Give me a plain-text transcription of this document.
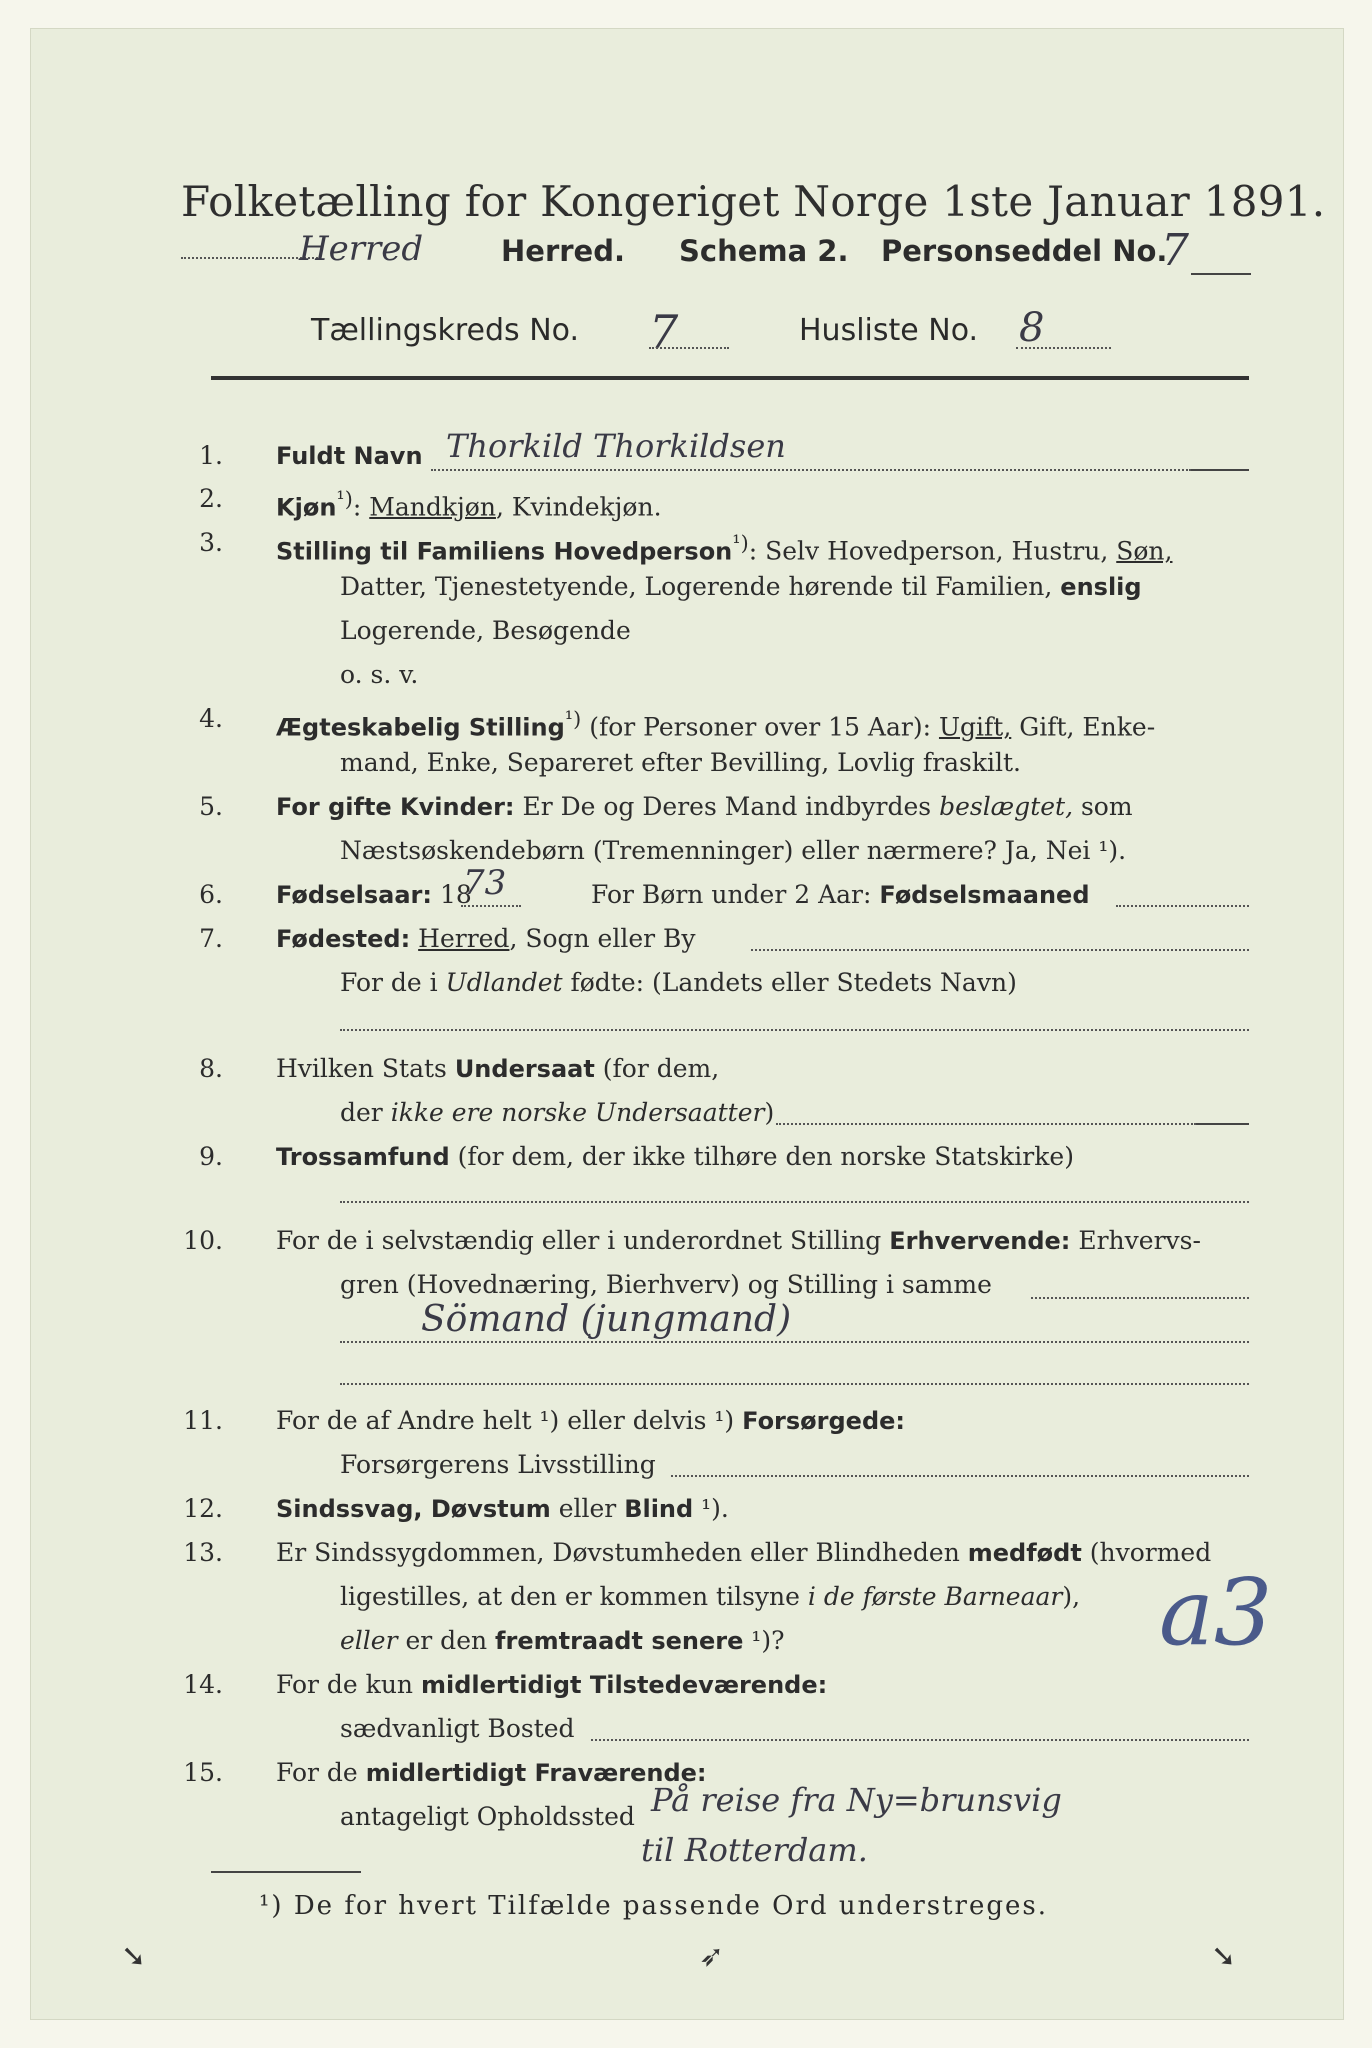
Folketælling for Kongeriget Norge 1ste Januar 1891.
Herred	Herred. Schema 2. Personseddel No.
7
Tællingskreds No. 7	Husliste No. 8
1. Fuldt Navn Thorkild Thorkildsen
2. Kjøn$^{^1)}$: Mandkjøn, Kvindekjøn.
3. Stilling til Familiens Hovedperson$^{^1)}$: Selv Hovedperson, Hustru, Søn,
Datter, Tjenestetyende, Logerende hørende til Familien, enslig
Logerende, Besøgende
o. s. v.
4. Ægteskabelig Stilling$^{^1)}$ (for Personer over 15 Aar): Ugift, Gift, Enke-
mand, Enke, Separeret efter Bevilling, Lovlig fraskilt.
5. For gifte Kvinder: Er De og Deres Mand indbyrdes beslægtet, som
Næstsøskendebørn (Tremenninger) eller nærmere? Ja, Nei ¹).
6. Fødselsaar: 18
73	For Børn under 2 Aar: Fødselsmaaned
7. Fødested: Herred, Sogn eller By
For de i Udlandet fødte: (Landets eller Stedets Navn)
8. Hvilken Stats Undersaat (for dem,
der ikke ere norske Undersaatter)
9. Trossamfund (for dem, der ikke tilhøre den norske Statskirke)
10. For de i selvstændig eller i underordnet Stilling Erhvervende: Erhvervs-
gren (Hovednæring, Bierhverv) og Stilling i samme
Sömand (jungmand)
11. For de af Andre helt ¹) eller delvis ¹) Forsørgede:
Forsørgerens Livsstilling
12. Sindssvag, Døvstum eller Blind ¹).
13. Er Sindssygdommen, Døvstumheden eller Blindheden medfødt (hvormed
ligestilles, at den er kommen tilsyne i de første Barneaar),
eller er den fremtraadt senere ¹)?	a3
14. For de kun midlertidigt Tilstedeværende:
sædvanligt Bosted
15. For de midlertidigt Fraværende:
antageligt Opholdssted På reise fra Ny=brunsvig
til Rotterdam.
¹) De for hvert Tilfælde passende Ord understreges.
➘	➶	➘
